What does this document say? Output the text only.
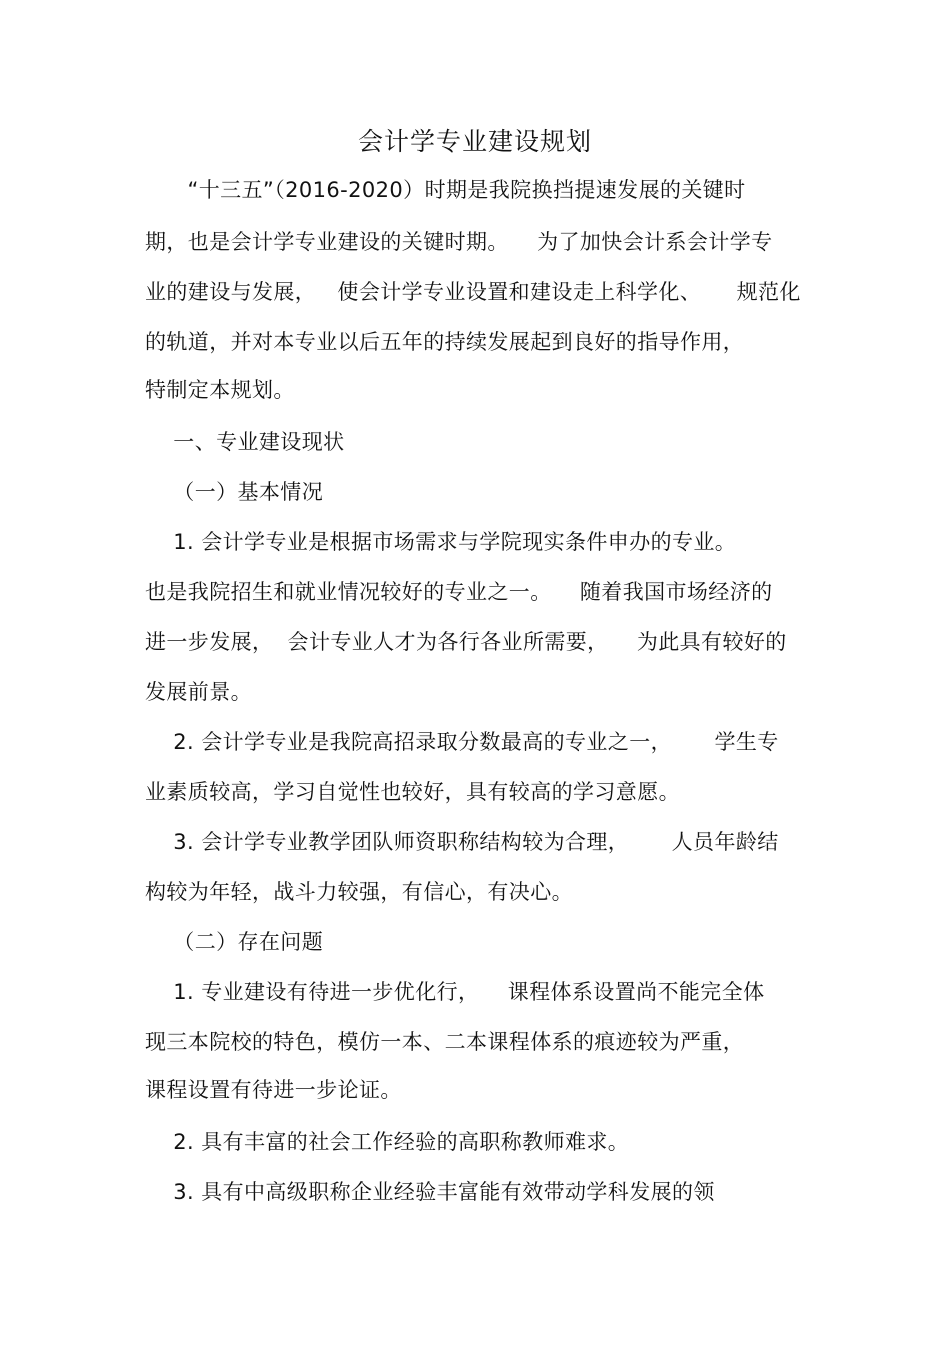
会计学专业建设规划
“十三五”（2016-2020）时期是我院换挡提速发展的关键时
期，也是会计学专业建设的关键时期。    为了加快会计系会计学专
业的建设与发展，   使会计学专业设置和建设走上科学化、     规范化
的轨道，并对本专业以后五年的持续发展起到良好的指导作用，
特制定本规划。
一、专业建设现状
（一）基本情况
1. 会计学专业是根据市场需求与学院现实条件申办的专业。
也是我院招生和就业情况较好的专业之一。    随着我国市场经济的
进一步发展，  会计专业人才为各行各业所需要，    为此具有较好的
发展前景。
2. 会计学专业是我院高招录取分数最高的专业之一，      学生专
业素质较高，学习自觉性也较好，具有较高的学习意愿。
3. 会计学专业教学团队师资职称结构较为合理，      人员年龄结
构较为年轻，战斗力较强，有信心，有决心。
（二）存在问题
1. 专业建设有待进一步优化行，    课程体系设置尚不能完全体
现三本院校的特色，模仿一本、二本课程体系的痕迹较为严重，
课程设置有待进一步论证。
2. 具有丰富的社会工作经验的高职称教师难求。
3. 具有中高级职称企业经验丰富能有效带动学科发展的领
